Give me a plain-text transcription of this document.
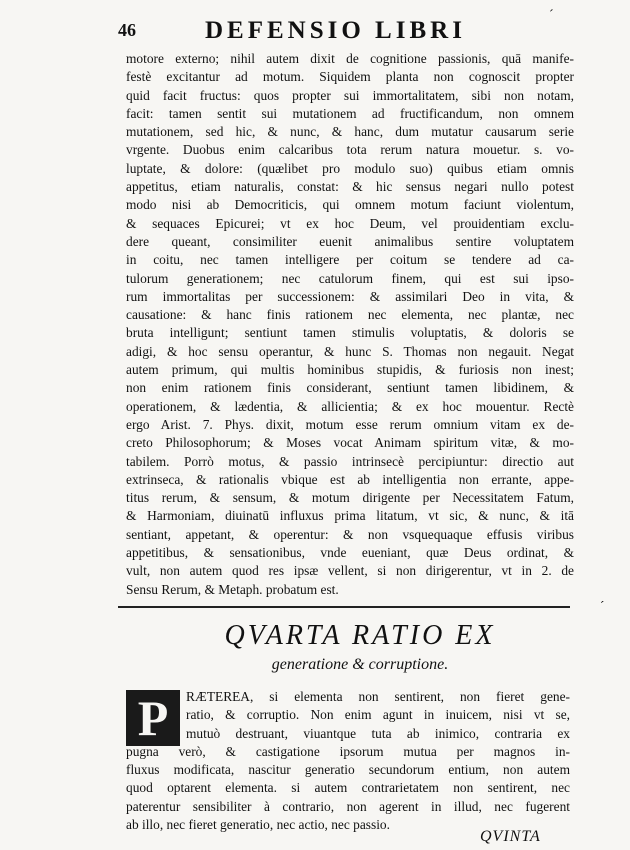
46	DEFENSIO LIBRI
´
motore externo; nihil autem dixit de cognitione passionis, quā manife-
festè excitantur ad motum. Siquidem planta non cognoscit propter
quid facit fructus: quos propter sui immortalitatem, sibi non notam,
facit: tamen sentit sui mutationem ad fructificandum, non omnem
mutationem, sed hic, & nunc, & hanc, dum mutatur causarum serie
vrgente. Duobus enim calcaribus tota rerum natura mouetur. s. vo-
luptate, & dolore: (quælibet pro modulo suo) quibus etiam omnis
appetitus, etiam naturalis, constat: & hic sensus negari nullo potest
modo nisi ab Democriticis, qui omnem motum faciunt violentum,
& sequaces Epicurei; vt ex hoc Deum, vel prouidentiam exclu-
dere queant, consimiliter euenit animalibus sentire voluptatem
in coitu, nec tamen intelligere per coitum se tendere ad ca-
tulorum generationem; nec catulorum finem, qui est sui ipso-
rum immortalitas per successionem: & assimilari Deo in vita, &
causatione: & hanc finis rationem nec elementa, nec plantæ, nec
bruta intelligunt; sentiunt tamen stimulis voluptatis, & doloris se
adigi, & hoc sensu operantur, & hunc S. Thomas non negauit. Negat
autem primum, qui multis hominibus stupidis, & furiosis non inest;
non enim rationem finis considerant, sentiunt tamen libidinem, &
operationem, & lædentia, & allicientia; & ex hoc mouentur. Rectè
ergo Arist. 7. Phys. dixit, motum esse rerum omnium vitam ex de-
creto Philosophorum; & Moses vocat Animam spiritum vitæ, & mo-
tabilem. Porrò motus, & passio intrinsecè percipiuntur: directio aut
extrinseca, & rationalis vbique est ab intelligentia non errante, appe-
titus rerum, & sensum, & motum dirigente per Necessitatem Fatum,
& Harmoniam, diuinatū influxus prima litatum, vt sic, & nunc, & itā
sentiant, appetant, & operentur: & non vsquequaque effusis viribus
appetitibus, & sensationibus, vnde eueniant, quæ Deus ordinat, &
vult, non autem quod res ipsæ vellent, si non dirigerentur, vt in 2. de
Sensu Rerum, & Metaph. probatum est.
´
QVARTA RATIO EX
generatione & corruptione.
P	RÆTEREA, si elementa non sentirent, non fieret gene-
ratio, & corruptio. Non enim agunt in inuicem, nisi vt se,
mutuò destruant, viuantque tuta ab inimico, contraria ex
pugna verò, & castigatione ipsorum mutua per magnos in-
fluxus modificata, nascitur generatio secundorum entium, non autem
quod optarent elementa. si autem contrarietatem non sentirent, nec
paterentur sensibiliter à contrario, non agerent in illud, nec fugerent
ab illo, nec fieret generatio, nec actio, nec passio.
QVINTA
